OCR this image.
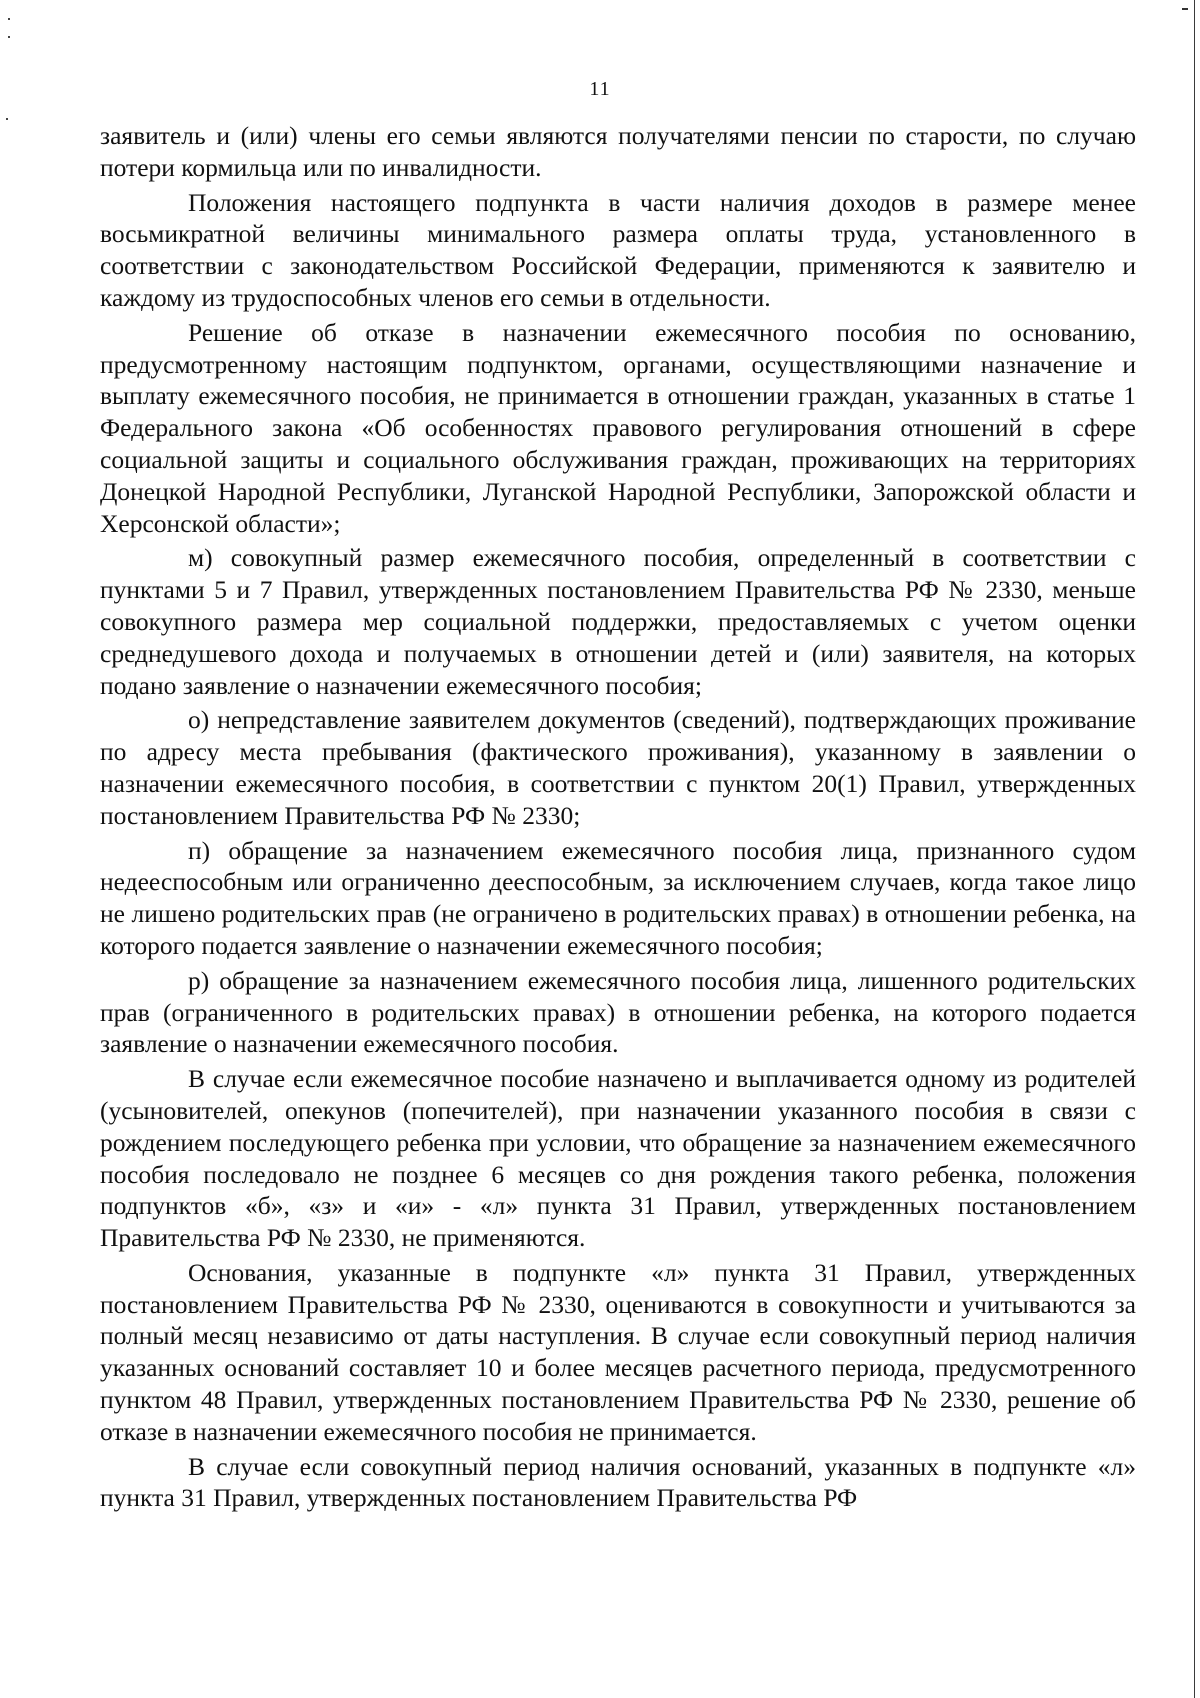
11

заявитель и (или) члены его семьи являются получателями пенсии по старости, по случаю потери кормильца или по инвалидности.

Положения настоящего подпункта в части наличия доходов в размере менее восьмикратной величины минимального размера оплаты труда, установленного в соответствии с законодательством Российской Федерации, применяются к заявителю и каждому из трудоспособных членов его семьи в отдельности.

Решение об отказе в назначении ежемесячного пособия по основанию, предусмотренному настоящим подпунктом, органами, осуществляющими назначение и выплату ежемесячного пособия, не принимается в отношении граждан, указанных в статье 1 Федерального закона «Об особенностях правового регулирования отношений в сфере социальной защиты и социального обслуживания граждан, проживающих на территориях Донецкой Народной Республики, Луганской Народной Республики, Запорожской области и Херсонской области»;

м) совокупный размер ежемесячного пособия, определенный в соответствии с пунктами 5 и 7 Правил, утвержденных постановлением Правительства РФ № 2330, меньше совокупного размера мер социальной поддержки, предоставляемых с учетом оценки среднедушевого дохода и получаемых в отношении детей и (или) заявителя, на которых подано заявление о назначении ежемесячного пособия;

о) непредставление заявителем документов (сведений), подтверждающих проживание по адресу места пребывания (фактического проживания), указанному в заявлении о назначении ежемесячного пособия, в соответствии с пунктом 20(1) Правил, утвержденных постановлением Правительства РФ № 2330;

п) обращение за назначением ежемесячного пособия лица, признанного судом недееспособным или ограниченно дееспособным, за исключением случаев, когда такое лицо не лишено родительских прав (не ограничено в родительских правах) в отношении ребенка, на которого подается заявление о назначении ежемесячного пособия;

р) обращение за назначением ежемесячного пособия лица, лишенного родительских прав (ограниченного в родительских правах) в отношении ребенка, на которого подается заявление о назначении ежемесячного пособия.

В случае если ежемесячное пособие назначено и выплачивается одному из родителей (усыновителей, опекунов (попечителей), при назначении указанного пособия в связи с рождением последующего ребенка при условии, что обращение за назначением ежемесячного пособия последовало не позднее 6 месяцев со дня рождения такого ребенка, положения подпунктов «б», «з» и «и» - «л» пункта 31 Правил, утвержденных постановлением Правительства РФ № 2330, не применяются.

Основания, указанные в подпункте «л» пункта 31 Правил, утвержденных постановлением Правительства РФ № 2330, оцениваются в совокупности и учитываются за полный месяц независимо от даты наступления. В случае если совокупный период наличия указанных оснований составляет 10 и более месяцев расчетного периода, предусмотренного пунктом 48 Правил, утвержденных постановлением Правительства РФ № 2330, решение об отказе в назначении ежемесячного пособия не принимается.

В случае если совокупный период наличия оснований, указанных в подпункте «л» пункта 31 Правил, утвержденных постановлением Правительства РФ
